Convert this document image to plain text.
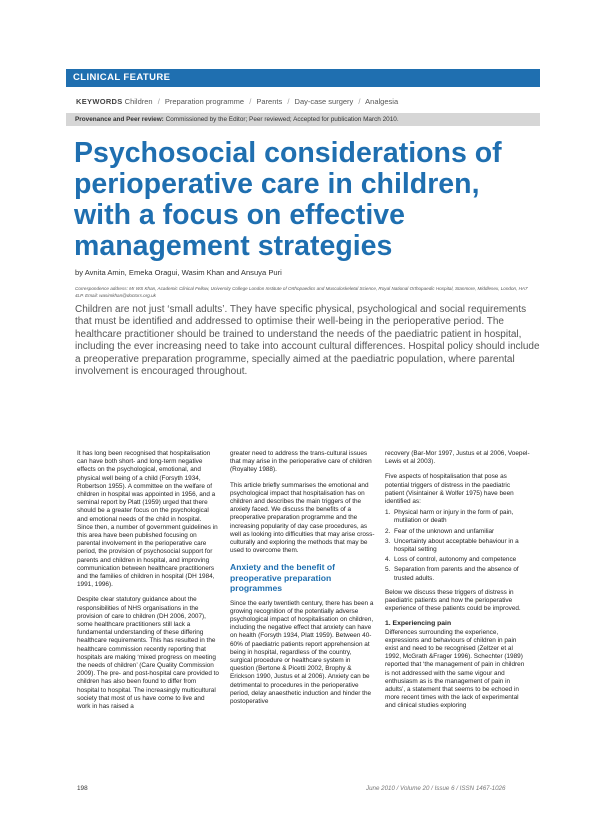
CLINICAL FEATURE
KEYWORDS Children / Preparation programme / Parents / Day-case surgery / Analgesia
Provenance and Peer review: Commissioned by the Editor; Peer reviewed; Accepted for publication March 2010.
Psychosocial considerations of perioperative care in children, with a focus on effective management strategies
by Avnita Amin, Emeka Oragui, Wasim Khan and Ansuya Puri
Correspondence address: Mr WS Khan, Academic Clinical Fellow, University College London Institute of Orthopaedics and Musculoskeletal Science, Royal National Orthopaedic Hospital, Stanmore, Middlesex, London, HA7 4LP. Email: wasimkhan@doctors.org.uk
Children are not just ‘small adults’. They have specific physical, psychological and social requirements that must be identified and addressed to optimise their well-being in the perioperative period. The healthcare practitioner should be trained to understand the needs of the paediatric patient in hospital, including the ever increasing need to take into account cultural differences. Hospital policy should include a preoperative preparation programme, specially aimed at the paediatric population, where parental involvement is encouraged throughout.

It has long been recognised that hospitalisation can have both short- and long-term negative effects on the psychological, emotional, and physical well being of a child (Forsyth 1934, Robertson 1955). A committee on the welfare of children in hospital was appointed in 1956, and a seminal report by Platt (1959) urged that there should be a greater focus on the psychological and emotional needs of the child in hospital. Since then, a number of government guidelines in this area have been published focusing on parental involvement in the perioperative care period, the provision of psychosocial support for parents and children in hospital, and improving communication between healthcare practitioners and the families of children in hospital (DH 1984, 1991, 1996).

Despite clear statutory guidance about the responsibilities of NHS organisations in the provision of care to children (DH 2006, 2007), some healthcare practitioners still lack a fundamental understanding of these differing healthcare requirements. This has resulted in the healthcare commission recently reporting that hospitals are making ‘mixed progress on meeting the needs of children’ (Care Quality Commission 2009). The pre- and post-hospital care provided to children has also been found to differ from hospital to hospital. The increasingly multicultural society that most of us have come to live and work in has raised a

greater need to address the trans-cultural issues that may arise in the perioperative care of children (Royaltey 1988).

This article briefly summarises the emotional and psychological impact that hospitalisation has on children and describes the main triggers of the anxiety faced. We discuss the benefits of a preoperative preparation programme and the increasing popularity of day case procedures, as well as looking into difficulties that may arise cross-culturally and exploring the methods that may be used to overcome them.

Anxiety and the benefit of preoperative preparation programmes

Since the early twentieth century, there has been a growing recognition of the potentially adverse psychological impact of hospitalisation on children, including the negative effect that anxiety can have on health (Forsyth 1934, Platt 1959). Between 40-60% of paediatric patients report apprehension at being in hospital, regardless of the country, surgical procedure or healthcare system in question (Bertone & Picetti 2002, Brophy & Erickson 1990, Justus et al 2006). Anxiety can be detrimental to procedures in the perioperative period, delay anaesthetic induction and hinder the postoperative

recovery (Bar-Mor 1997, Justus et al 2006, Voepel-Lewis et al 2003).

Five aspects of hospitalisation that pose as potential triggers of distress in the paediatric patient (Visintainer & Wolfer 1975) have been identified as:

1. Physical harm or injury in the form of pain, mutilation or death
2. Fear of the unknown and unfamiliar
3. Uncertainty about acceptable behaviour in a hospital setting
4. Loss of control, autonomy and competence
5. Separation from parents and the absence of trusted adults.

Below we discuss these triggers of distress in paediatric patients and how the perioperative experience of these patients could be improved.

1. Experiencing pain

Differences surrounding the experience, expressions and behaviours of children in pain exist and need to be recognised (Zeltzer et al 1992, McGrath &Frager 1996). Schechter (1989) reported that ‘the management of pain in children is not addressed with the same vigour and enthusiasm as is the management of pain in adults’, a statement that seems to be echoed in more recent times with the lack of experimental and clinical studies exploring

198	June 2010 / Volume 20 / Issue 6 / ISSN 1467-1026
